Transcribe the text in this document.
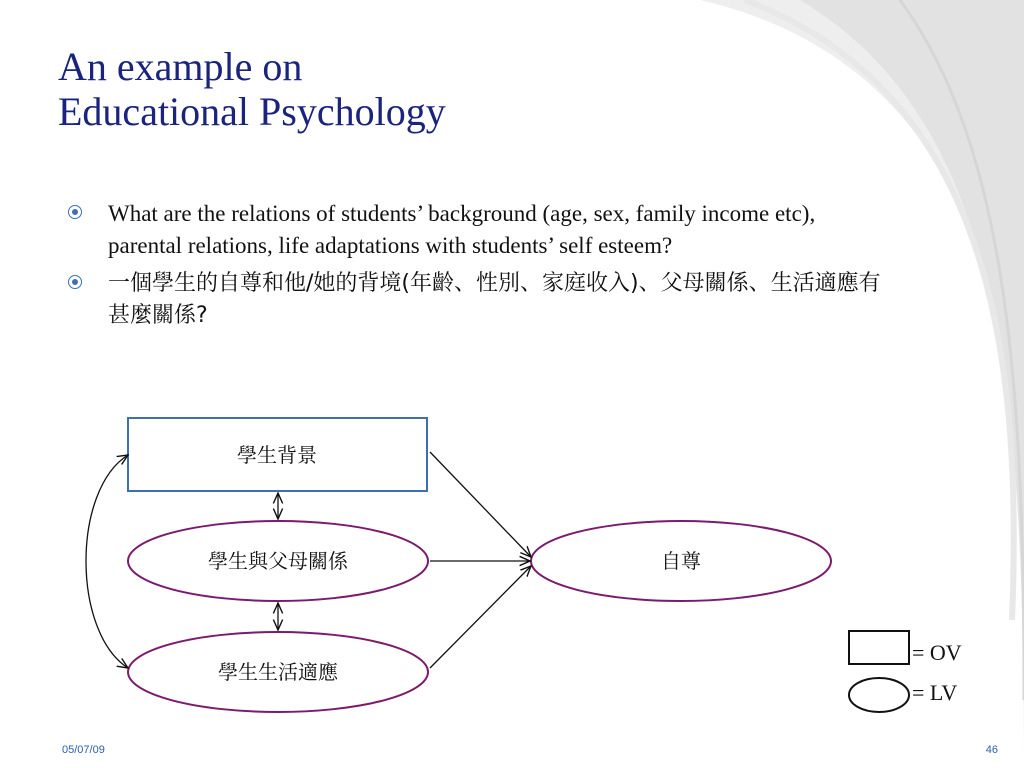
An example on
Educational Psychology
What are the relations of students’ background (age, sex, family income etc), parental relations, life adaptations with students’ self esteem?
一個學生的自尊和他/她的背境(年齡、性別、家庭收入)、父母關係、生活適應有甚麼關係?
學生背景
學生與父母關係
學生生活適應
自尊
= OV
= LV
05/07/09	46
